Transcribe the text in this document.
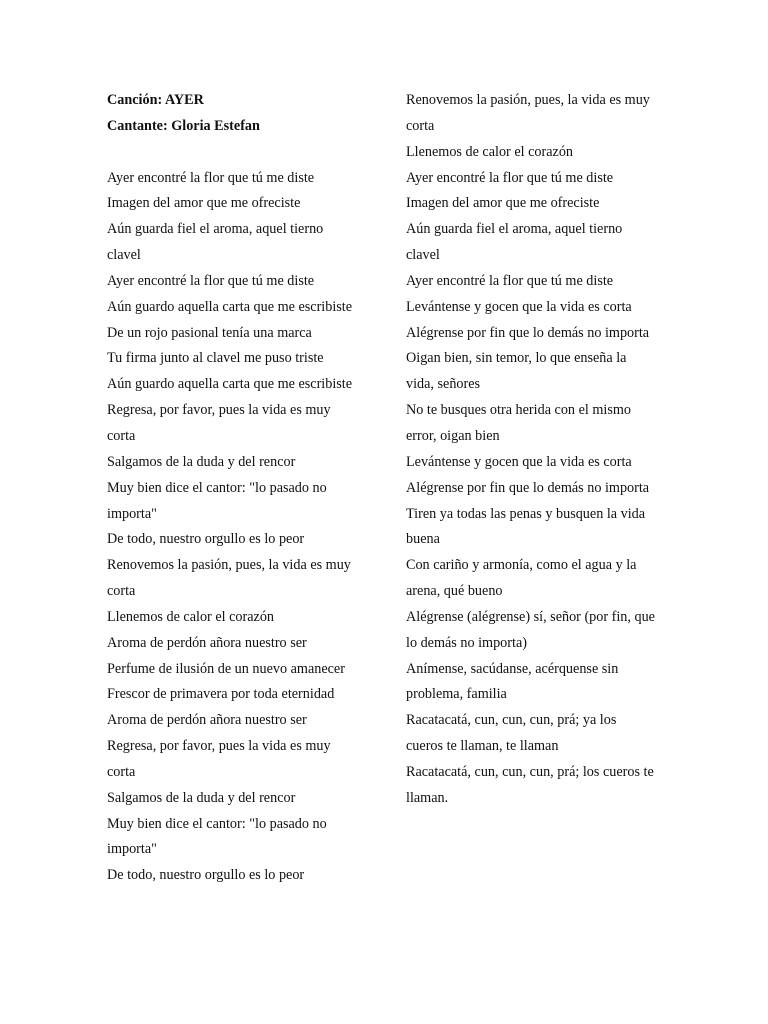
Canción: AYER

Cantante: Gloria Estefan

Ayer encontré la flor que tú me diste

Imagen del amor que me ofreciste

Aún guarda fiel el aroma, aquel tierno

clavel

Ayer encontré la flor que tú me diste

Aún guardo aquella carta que me escribiste

De un rojo pasional tenía una marca

Tu firma junto al clavel me puso triste

Aún guardo aquella carta que me escribiste

Regresa, por favor, pues la vida es muy

corta

Salgamos de la duda y del rencor

Muy bien dice el cantor: "lo pasado no

importa"

De todo, nuestro orgullo es lo peor

Renovemos la pasión, pues, la vida es muy

corta

Llenemos de calor el corazón

Aroma de perdón añora nuestro ser

Perfume de ilusión de un nuevo amanecer

Frescor de primavera por toda eternidad

Aroma de perdón añora nuestro ser

Regresa, por favor, pues la vida es muy

corta

Salgamos de la duda y del rencor

Muy bien dice el cantor: "lo pasado no

importa"

De todo, nuestro orgullo es lo peor

Renovemos la pasión, pues, la vida es muy

corta

Llenemos de calor el corazón

Ayer encontré la flor que tú me diste

Imagen del amor que me ofreciste

Aún guarda fiel el aroma, aquel tierno

clavel

Ayer encontré la flor que tú me diste

Levántense y gocen que la vida es corta

Alégrense por fin que lo demás no importa

Oigan bien, sin temor, lo que enseña la

vida, señores

No te busques otra herida con el mismo

error, oigan bien

Levántense y gocen que la vida es corta

Alégrense por fin que lo demás no importa

Tiren ya todas las penas y busquen la vida

buena

Con cariño y armonía, como el agua y la

arena, qué bueno

Alégrense (alégrense) sí, señor (por fin, que

lo demás no importa)

Anímense, sacúdanse, acérquense sin

problema, familia

Racatacatá, cun, cun, cun, prá; ya los

cueros te llaman, te llaman

Racatacatá, cun, cun, cun, prá; los cueros te

llaman.
